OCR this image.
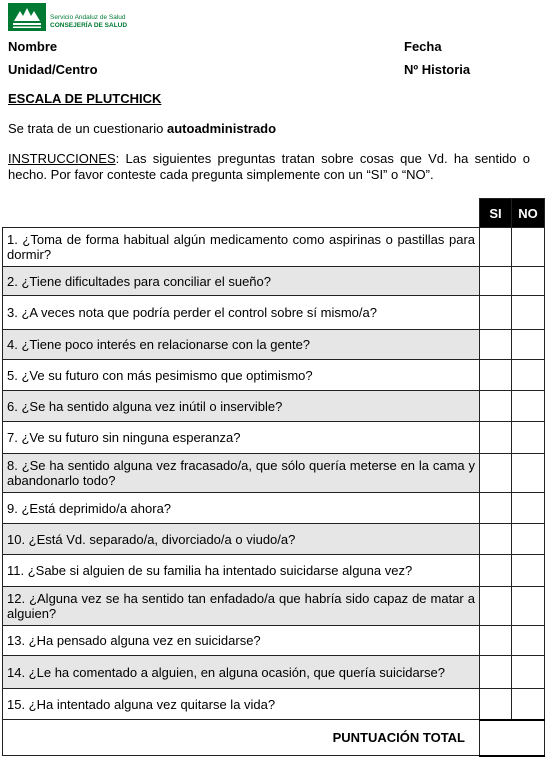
Servicio Andaluz de Salud
CONSEJERÍA DE SALUD
Nombre	Fecha
Unidad/Centro	Nº Historia
ESCALA DE PLUTCHICK
Se trata de un cuestionario autoadministrado
INSTRUCCIONES: Las siguientes preguntas tratan sobre cosas que Vd. ha sentido o hecho. Por favor conteste cada pregunta simplemente con un “SI” o “NO”.
	SI	NO
1. ¿Toma de forma habitual algún medicamento como aspirinas o pastillas para dormir?		
2. ¿Tiene dificultades para conciliar el sueño?		
3. ¿A veces nota que podría perder el control sobre sí mismo/a?		
4. ¿Tiene poco interés en relacionarse con la gente?		
5. ¿Ve su futuro con más pesimismo que optimismo?		
6. ¿Se ha sentido alguna vez inútil o inservible?		
7. ¿Ve su futuro sin ninguna esperanza?		
8. ¿Se ha sentido alguna vez fracasado/a, que sólo quería meterse en la cama y abandonarlo todo?		
9. ¿Está deprimido/a ahora?		
10. ¿Está Vd. separado/a, divorciado/a o viudo/a?		
11. ¿Sabe si alguien de su familia ha intentado suicidarse alguna vez?		
12. ¿Alguna vez se ha sentido tan enfadado/a que habría sido capaz de matar a alguien?		
13. ¿Ha pensado alguna vez en suicidarse?		
14. ¿Le ha comentado a alguien, en alguna ocasión, que quería suicidarse?		
15. ¿Ha intentado alguna vez quitarse la vida?		
PUNTUACIÓN TOTAL		
